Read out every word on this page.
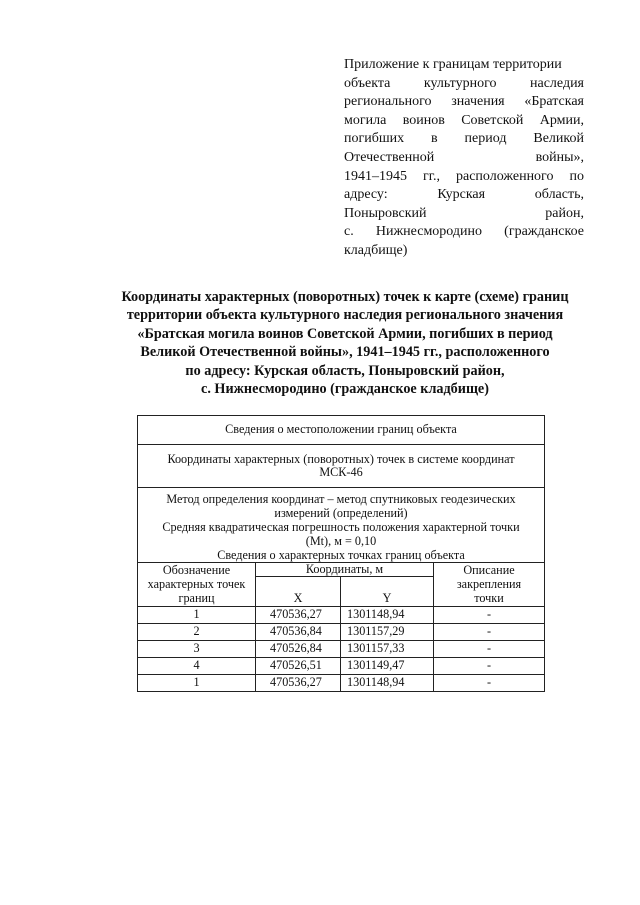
Приложение к границам территории
объекта культурного наследия
регионального значения «Братская
могила воинов Советской Армии,
погибших в период Великой
Отечественной войны»,
1941–1945 гг., расположенного по
адресу: Курская область,
Поныровский район,
с. Нижнесмородино (гражданское
кладбище)
Координаты характерных (поворотных) точек к карте (схеме) границ
территории объекта культурного наследия регионального значения
«Братская могила воинов Советской Армии, погибших в период
Великой Отечественной войны», 1941–1945 гг., расположенного
по адресу: Курская область, Поныровский район,
с. Нижнесмородино (гражданское кладбище)
Сведения о местоположении границ объекта			
Координаты характерных (поворотных) точек в системе координат МСК-46			

Метод определения координат – метод спутниковых геодезических
измерений (определений)
Средняя квадратическая погрешность положения характерной точки
(Mt), м = 0,10
Сведения о характерных точках границ объекта			

Обозначение характерных точек границ	Координаты, м		Описание закрепления точки
	X	Y	
1	470536,27	1301148,94	-
2	470536,84	1301157,29	-
3	470526,84	1301157,33	-
4	470526,51	1301149,47	-
1	470536,27	1301148,94	-
